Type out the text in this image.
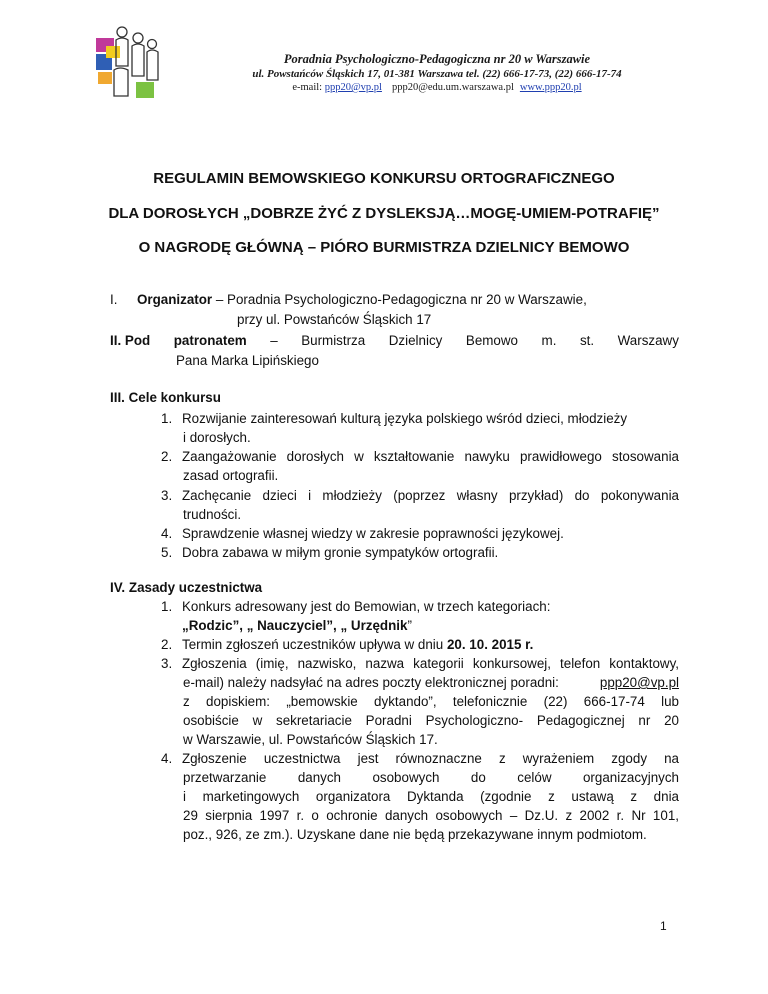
Poradnia Psychologiczno-Pedagogiczna nr 20 w Warszawie
ul. Powstańców Śląskich 17, 01-381 Warszawa tel. (22) 666-17-73, (22) 666-17-74
e-mail: ppp20@vp.pl ppp20@edu.um.warszawa.pl www.ppp20.pl
REGULAMIN BEMOWSKIEGO KONKURSU ORTOGRAFICZNEGO
DLA DOROSŁYCH „DOBRZE ŻYĆ Z DYSLEKSJĄ…MOGĘ-UMIEM-POTRAFIĘ”
O NAGRODĘ GŁÓWNĄ – PIÓRO BURMISTRZA DZIELNICY BEMOWO
I. Organizator – Poradnia Psychologiczno-Pedagogiczna nr 20 w Warszawie,
przy ul. Powstańców Śląskich 17
II. Pod patronatem – Burmistrza Dzielnicy Bemowo m. st. Warszawy
Pana Marka Lipińskiego
III. Cele konkursu
1. Rozwijanie zainteresowań kulturą języka polskiego wśród dzieci, młodzieży
i dorosłych.
2. Zaangażowanie dorosłych w kształtowanie nawyku prawidłowego stosowania
zasad ortografii.
3. Zachęcanie dzieci i młodzieży (poprzez własny przykład) do pokonywania
trudności.
4. Sprawdzenie własnej wiedzy w zakresie poprawności językowej.
5. Dobra zabawa w miłym gronie sympatyków ortografii.
IV. Zasady uczestnictwa
1. Konkurs adresowany jest do Bemowian, w trzech kategoriach:
„Rodzic”, „ Nauczyciel”, „ Urzędnik”
2. Termin zgłoszeń uczestników upływa w dniu 20. 10. 2015 r.
3. Zgłoszenia (imię, nazwisko, nazwa kategorii konkursowej, telefon kontaktowy,
e-mail) należy nadsyłać na adres poczty elektronicznej poradni:	ppp20@vp.pl
z dopiskiem: „bemowskie dyktando”, telefonicznie (22) 666-17-74 lub
osobiście w sekretariacie Poradni Psychologiczno- Pedagogicznej nr 20
w Warszawie, ul. Powstańców Śląskich 17.
4. Zgłoszenie uczestnictwa jest równoznaczne z wyrażeniem zgody na
przetwarzanie danych osobowych do celów organizacyjnych
i marketingowych organizatora Dyktanda (zgodnie z ustawą z dnia
29 sierpnia 1997 r. o ochronie danych osobowych – Dz.U. z 2002 r. Nr 101,
poz., 926, ze zm.). Uzyskane dane nie będą przekazywane innym podmiotom.
1
